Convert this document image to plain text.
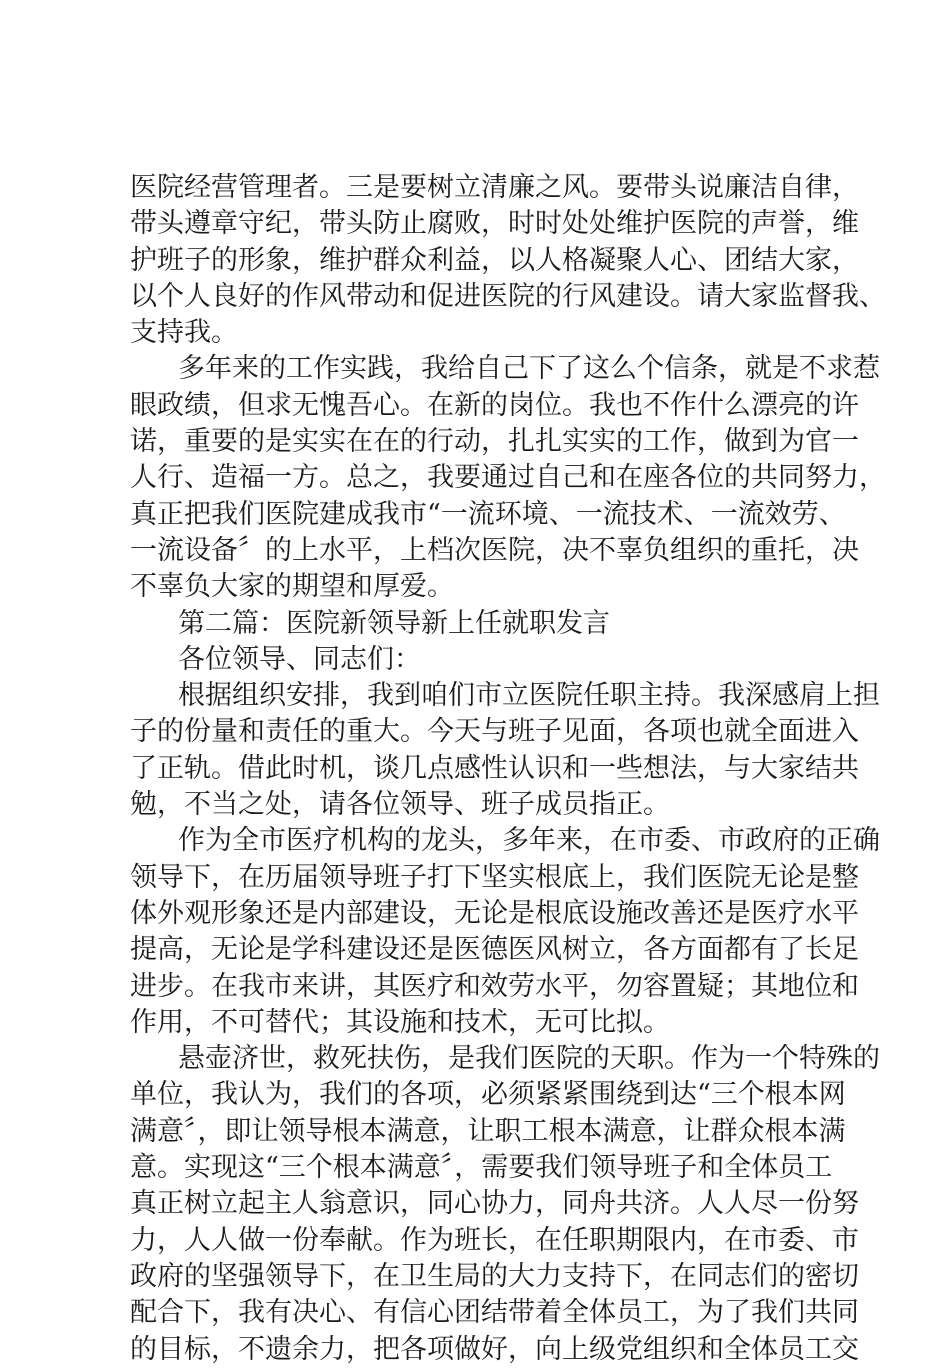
医院经营管理者。三是要树立清廉之风。要带头说廉洁自律，
带头遵章守纪，带头防止腐败，时时处处维护医院的声誉，维
护班子的形象，维护群众利益，以人格凝聚人心、团结大家，
以个人良好的作风带动和促进医院的行风建设。请大家监督我、
支持我。
多年来的工作实践，我给自己下了这么个信条，就是不求惹
眼政绩，但求无愧吾心。在新的岗位。我也不作什么漂亮的许
诺，重要的是实实在在的行动，扎扎实实的工作，做到为官一
人行、造福一方。总之，我要通过自己和在座各位的共同努力，
真正把我们医院建成我市“一流环境、一流技术、一流效劳、
一流设备〞的上水平，上档次医院，决不辜负组织的重托，决
不辜负大家的期望和厚爱。
第二篇：医院新领导新上任就职发言
各位领导、同志们：
根据组织安排，我到咱们市立医院任职主持。我深感肩上担
子的份量和责任的重大。今天与班子见面，各项也就全面进入
了正轨。借此时机，谈几点感性认识和一些想法，与大家结共
勉，不当之处，请各位领导、班子成员指正。
作为全市医疗机构的龙头，多年来，在市委、市政府的正确
领导下，在历届领导班子打下坚实根底上，我们医院无论是整
体外观形象还是内部建设，无论是根底设施改善还是医疗水平
提高，无论是学科建设还是医德医风树立，各方面都有了长足
进步。在我市来讲，其医疗和效劳水平，勿容置疑；其地位和
作用，不可替代；其设施和技术，无可比拟。
悬壶济世，救死扶伤，是我们医院的天职。作为一个特殊的
单位，我认为，我们的各项，必须紧紧围绕到达“三个根本网
满意〞，即让领导根本满意，让职工根本满意，让群众根本满
意。实现这“三个根本满意〞，需要我们领导班子和全体员工
真正树立起主人翁意识，同心协力，同舟共济。人人尽一份努
力，人人做一份奉献。作为班长，在任职期限内，在市委、市
政府的坚强领导下，在卫生局的大力支持下，在同志们的密切
配合下，我有决心、有信心团结带着全体员工，为了我们共同
的目标，不遗余力，把各项做好，向上级党组织和全体员工交
